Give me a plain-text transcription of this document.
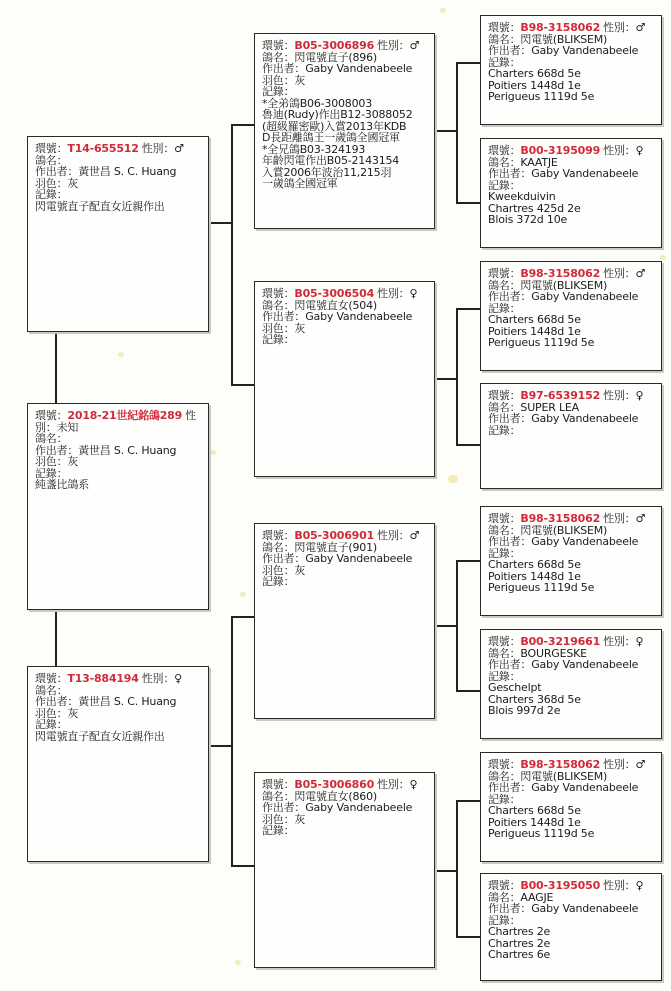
環號：2018-21世紀銘鴿289 性
別：未知
鴿名：
作出者：黃世昌 S. C. Huang
羽色：灰
記錄：
純盞比鴿系
環號：T14-655512 性別：♂
鴿名：
作出者：黃世昌 S. C. Huang
羽色：灰
記錄：
閃電號直子配直女近親作出
環號：T13-884194 性別：♀
鴿名：
作出者：黃世昌 S. C. Huang
羽色：灰
記錄：
閃電號直子配直女近親作出
環號：B05-3006896 性別：♂
鴿名：閃電號直子(896)
作出者：Gaby Vandenabeele
羽色：灰
記錄：
*全弟鴿B06-3008003
魯迪(Rudy)作出B12-3088052
(超級羅密歐)入賞2013年KDB
D長距離鴿王一歲鴿全國冠軍
*全兄鴿B03-324193
年齡閃電作出B05-2143154
入賞2006年波治11,215羽
一歲鴿全國冠軍
環號：B05-3006504 性別：♀
鴿名：閃電號直女(504)
作出者：Gaby Vandenabeele
羽色：灰
記錄：
環號：B05-3006901 性別：♂
鴿名：閃電號直子(901)
作出者：Gaby Vandenabeele
羽色：灰
記錄：
環號：B05-3006860 性別：♀
鴿名：閃電號直女(860)
作出者：Gaby Vandenabeele
羽色：灰
記錄：
環號：B98-3158062 性別：♂
鴿名：閃電號(BLIKSEM)
作出者：Gaby Vandenabeele
記錄：
Charters 668d 5e
Poitiers 1448d 1e
Perigueus 1119d 5e
環號：B00-3195099 性別：♀
鴿名：KAATJE
作出者：Gaby Vandenabeele
記錄：
Kweekduivin
Chartres 425d 2e
Blois 372d 10e
環號：B98-3158062 性別：♂
鴿名：閃電號(BLIKSEM)
作出者：Gaby Vandenabeele
記錄：
Charters 668d 5e
Poitiers 1448d 1e
Perigueus 1119d 5e
環號：B97-6539152 性別：♀
鴿名：SUPER LEA
作出者：Gaby Vandenabeele
記錄：
環號：B98-3158062 性別：♂
鴿名：閃電號(BLIKSEM)
作出者：Gaby Vandenabeele
記錄：
Charters 668d 5e
Poitiers 1448d 1e
Perigueus 1119d 5e
環號：B00-3219661 性別：♀
鴿名：BOURGESKE
作出者：Gaby Vandenabeele
記錄：
Geschelpt
Charters 368d 5e
Blois 997d 2e
環號：B98-3158062 性別：♂
鴿名：閃電號(BLIKSEM)
作出者：Gaby Vandenabeele
記錄：
Charters 668d 5e
Poitiers 1448d 1e
Perigueus 1119d 5e
環號：B00-3195050 性別：♀
鴿名：AAGJE
作出者：Gaby Vandenabeele
記錄：
Chartres 2e
Chartres 2e
Chartres 6e
